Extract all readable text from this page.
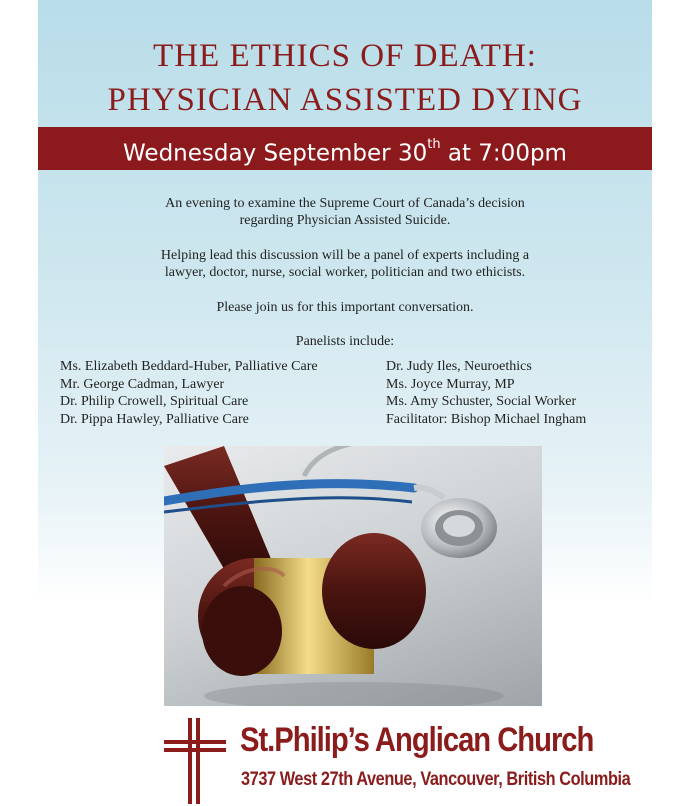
THE ETHICS OF DEATH:
PHYSICIAN ASSISTED DYING
Wednesday September 30th at 7:00pm
An evening to examine the Supreme Court of Canada’s decision
regarding Physician Assisted Suicide.
Helping lead this discussion will be a panel of experts including a
lawyer, doctor, nurse, social worker, politician and two ethicists.
Please join us for this important conversation.
Panelists include:
Ms. Elizabeth Beddard-Huber, Palliative Care
Mr. George Cadman, Lawyer
Dr. Philip Crowell, Spiritual Care
Dr. Pippa Hawley, Palliative Care
Dr. Judy Iles, Neuroethics
Ms. Joyce Murray, MP
Ms. Amy Schuster, Social Worker
Facilitator: Bishop Michael Ingham
St.Philip’s Anglican Church
3737 West 27th Avenue, Vancouver, British Columbia
